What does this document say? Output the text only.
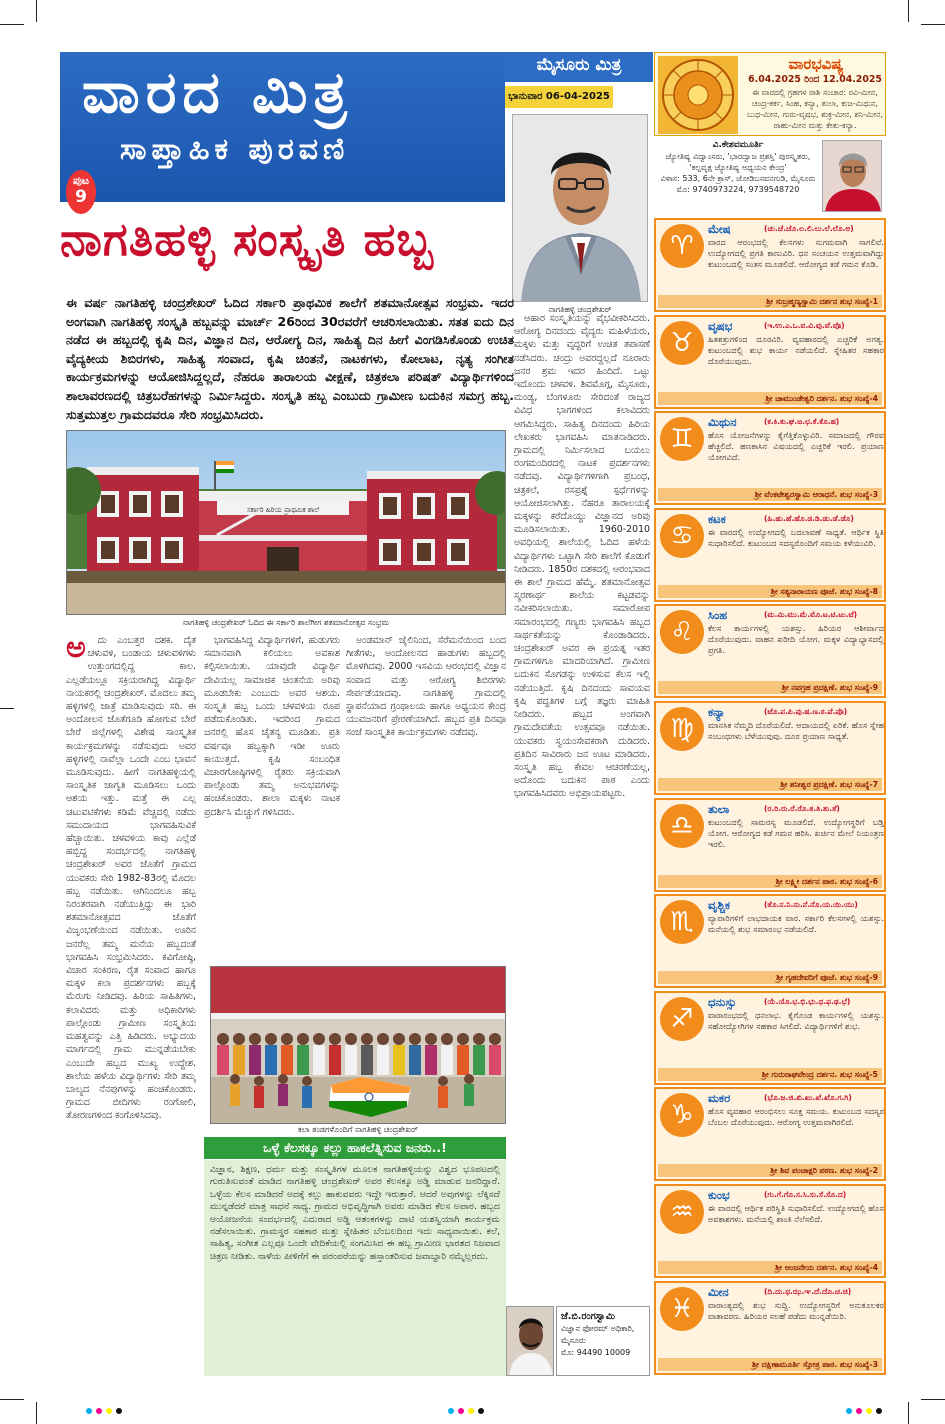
ವಾರದ ಮಿತ್ರ
ಸಾಪ್ತಾಹಿಕ ಪುರವಣಿ
ಪುಟ
9
ಮೈಸೂರು ಮಿತ್ರ
ಭಾನುವಾರ 06-04-2025
ನಾಗತಿಹಳ್ಳಿ ಚಂದ್ರಶೇಖರ್
ನಾಗತಿಹಳ್ಳಿ ಸಂಸ್ಕೃತಿ ಹಬ್ಬ
ಈ ವರ್ಷ ನಾಗತಿಹಳ್ಳಿ ಚಂದ್ರಶೇಖರ್ ಓದಿದ ಸರ್ಕಾರಿ ಪ್ರಾಥಮಿಕ ಶಾಲೆಗೆ ಶತಮಾನೋತ್ಸವ ಸಂಭ್ರಮ. ಇದರ ಅಂಗವಾಗಿ ನಾಗತಿಹಳ್ಳಿ ಸಂಸ್ಕೃತಿ ಹಬ್ಬವನ್ನು ಮಾರ್ಚ್ 26ರಿಂದ 30ರವರೆಗೆ ಆಚರಿಸಲಾಯಿತು. ಸತತ ಐದು ದಿನ ನಡೆದ ಈ ಹಬ್ಬದಲ್ಲಿ ಕೃಷಿ ದಿನ, ವಿಜ್ಞಾನ ದಿನ, ಆರೋಗ್ಯ ದಿನ, ಸಾಹಿತ್ಯ ದಿನ ಹೀಗೆ ವಿಂಗಡಿಸಿಕೊಂಡು ಉಚಿತ ವೈದ್ಯಕೀಯ ಶಿಬಿರಗಳು, ಸಾಹಿತ್ಯ ಸಂವಾದ, ಕೃಷಿ ಚಿಂತನೆ, ನಾಟಕಗಳು, ಕೋಲಾಟ, ನೃತ್ಯ ಸಂಗೀತ ಕಾರ್ಯಕ್ರಮಗಳನ್ನು ಆಯೋಜಿಸಿದ್ದಲ್ಲದೆ, ನೆಹರೂ ತಾರಾಲಯ ವೀಕ್ಷಣೆ, ಚಿತ್ರಕಲಾ ಪರಿಷತ್ ವಿದ್ಯಾರ್ಥಿಗಳಿಂದ ಶಾಲಾವರಣದಲ್ಲಿ ಚಿತ್ರಬರೆಹಗಳನ್ನು ನಿರ್ಮಿಸಿದ್ದರು. ಸಂಸ್ಕೃತಿ ಹಬ್ಬ ಎಂಬುದು ಗ್ರಾಮೀಣ ಬದುಕಿನ ಸಮಗ್ರ ಹಬ್ಬ. ಸುತ್ತಮುತ್ತಲ ಗ್ರಾಮದವರೂ ಸೇರಿ ಸಂಭ್ರಮಿಸಿದರು.
ಸರ್ಕಾರಿ ಹಿರಿಯ ಪ್ರಾಥಮಿಕ ಶಾಲೆ
ನಾಗತಿಹಳ್ಳಿ ಚಂದ್ರಶೇಖರ್ ಓದಿದ ಈ ಸರ್ಕಾರಿ ಶಾಲೆಗೀಗ ಶತಮಾನೋತ್ಸವ ಸಂಭ್ರಮ

ಅ ದು ಎಂಬತ್ತರ ದಶಕ. ದೈತ ಚಳುವಳಿ, ಬಂಡಾಯ ಚಳುವಳಿಗಳು ಉತ್ತುಂಗದಲ್ಲಿದ್ದ ಕಾಲ. ಎಲ್ಲಡೆಯಲ್ಲೂ ಸಕ್ರಿಯರಾಗಿದ್ದ ವಿದ್ಯಾರ್ಥಿ ನಾಯಕರಲ್ಲಿ ಚಂದ್ರಶೇಖರ್. ಮೊದಲು ತಮ್ಮ ಹಳ್ಳಿಗಳಲ್ಲಿ ಜಾತ್ರೆ ಮಾಡಿಸುವುದು ಸರಿ. ಈ ಅಂದೋಲನ ಜೊತೆಗೂಡಿ ಹೋಗುವ ಬೇರೆ ಬೇರೆ ಜಿಲ್ಲೆಗಳಲ್ಲಿ ವಿಶೇಷ ಸಾಂಸ್ಕೃತಿಕ ಕಾರ್ಯಕ್ರಮಗಳನ್ನು ನಡೆಸುವುದು ಅವರ ಹಳ್ಳಿಗಳಲ್ಲಿ ನಾವೆಲ್ಲಾ ಒಂದೇ ಎಂಬ ಭಾವನೆ ಮೂಡಿಸುವುದು. ಹೀಗೆ ನಾಗತಿಹಳ್ಳಿಯಲ್ಲಿ ಸಾಂಸ್ಕೃತಿಕ ಜಾಗೃತಿ ಮೂಡಿಸಲು ಒಂದು ಆಶಯ ಇತ್ತು. ಮತ್ತೆ ಈ ಎಲ್ಲ ಚಟುವಟಿಕೆಗಳು ಕಡಿಮೆ ವೆಚ್ಚದಲ್ಲಿ ನಡೆದು ಸಮುದಾಯದ ಭಾಗವಹಿಸುವಿಕೆ ಹೆಚ್ಚಾಯಿತು. ಚಳವಳಿಯ ಕಾವು ಎಲ್ಲೆಡೆ ಹಬ್ಬಿದ್ದ ಸಂದರ್ಭದಲ್ಲಿ ನಾಗತಿಹಳ್ಳಿ ಚಂದ್ರಶೇಖರ್ ಅವರ ಜೊತೆಗೆ ಗ್ರಾಮದ ಯುವಕರು ಸೇರಿ 1982-83ರಲ್ಲಿ ಮೊದಲ ಹಬ್ಬ ನಡೆಯಿತು. ಆಗಿನಿಂದಲೂ ಹಬ್ಬ ನಿರಂತರವಾಗಿ ನಡೆಯುತ್ತಿದ್ದು ಈ ಭಾರಿ ಶತಮಾನೋತ್ಸವದ ಜೊತೆಗೆ ವಿಜೃಂಭಣೆಯಿಂದ ನಡೆಯಿತು. ಊರಿನ ಜನರೆಲ್ಲ ತಮ್ಮ ಮನೆಯ ಹಬ್ಬದಂತೆ ಭಾಗವಹಿಸಿ ಸಂಭ್ರಮಿಸಿದರು. ಕವಿಗೋಷ್ಠಿ, ವಿಚಾರ ಸಂಕಿರಣ, ರೈತ ಸಂವಾದ ಹಾಗೂ ಮಕ್ಕಳ ಕಲಾ ಪ್ರದರ್ಶನಗಳು ಹಬ್ಬಕ್ಕೆ ಮೆರುಗು ನೀಡಿದವು. ಹಿರಿಯ ಸಾಹಿತಿಗಳು, ಕಲಾವಿದರು ಮತ್ತು ಅಧಿಕಾರಿಗಳು ಪಾಲ್ಗೊಂಡು ಗ್ರಾಮೀಣ ಸಂಸ್ಕೃತಿಯ ಮಹತ್ವವನ್ನು ಎತ್ತಿ ಹಿಡಿದರು. ಅಭ್ಯುದಯ ಮಾರ್ಗದಲ್ಲಿ ಗ್ರಾಮ ಮುನ್ನಡೆಯಬೇಕು ಎಂಬುದೇ ಹಬ್ಬದ ಮುಖ್ಯ ಉದ್ದೇಶ. ಶಾಲೆಯ ಹಳೆಯ ವಿದ್ಯಾರ್ಥಿಗಳು ಸೇರಿ ತಮ್ಮ ಬಾಲ್ಯದ ನೆನಪುಗಳನ್ನು ಹಂಚಿಕೊಂಡರು. ಗ್ರಾಮದ ಬೀದಿಗಳು ರಂಗೋಲಿ, ತೋರಣಗಳಿಂದ ಕಂಗೊಳಿಸಿದವು.

ಭಾಗವಹಿಸಿದ್ದ ವಿದ್ಯಾರ್ಥಿಗಳಿಗೆ, ಹುಡುಗರು ಸಮಾನವಾಗಿ ಕಲಿಯಲು ಅವಕಾಶ ಕಲ್ಪಿಸಲಾಯಿತು. ಯಾವುದೇ ವಿದ್ಯಾರ್ಥಿ ದೇವಿಯಲ್ಲ ಸಾಮಾಜಿಕ ಚಿಂತನೆಯ ಅರಿವು ಮೂಡಬೇಕು ಎಂಬುದು ಅವರ ಆಶಯ. ಸಂಸ್ಕೃತಿ ಹಬ್ಬ ಒಂದು ಚಳವಳಿಯ ರೂಪ ಪಡೆದುಕೊಂಡಿತು. ಇದರಿಂದ ಗ್ರಾಮದ ಜನರಲ್ಲಿ ಹೊಸ ಚೈತನ್ಯ ಮೂಡಿತು. ಪ್ರತಿ ವರ್ಷವೂ ಹಬ್ಬಕ್ಕಾಗಿ ಇಡೀ ಊರು ಕಾಯುತ್ತದೆ. ಕೃಷಿ ಸಂಬಂಧಿತ ವಿಚಾರಗೋಷ್ಠಿಗಳಲ್ಲಿ ರೈತರು ಸಕ್ರಿಯವಾಗಿ ಪಾಲ್ಗೊಂಡು ತಮ್ಮ ಅನುಭವಗಳನ್ನು ಹಂಚಿಕೊಂಡರು. ಶಾಲಾ ಮಕ್ಕಳು ನಾಟಕ ಪ್ರದರ್ಶಿಸಿ ಮೆಚ್ಚುಗೆ ಗಳಿಸಿದರು.

ಅಂಡಮಾನ್ ಜೈಲಿನಿಂದ, ಸೆರೆಮನೆಯಿಂದ ಬಂದ ಗೀತೆಗಳು, ಅಂದೋಲನದ ಹಾಡುಗಳು ಹಬ್ಬದಲ್ಲಿ ಮೊಳಗಿದವು. 2000 ಇಸವಿಯ ಆರಂಭದಲ್ಲಿ ವಿಜ್ಞಾನ ಸಂವಾದ ಮತ್ತು ಆರೋಗ್ಯ ಶಿಬಿರಗಳು ಸೇರ್ಪಡೆಯಾದವು. ನಾಗತಿಹಳ್ಳಿ ಗ್ರಾಮದಲ್ಲಿ ಸ್ಥಾಪನೆಯಾದ ಗ್ರಂಥಾಲಯ ಹಾಗೂ ಅಧ್ಯಯನ ಕೇಂದ್ರ ಯುವಜನರಿಗೆ ಪ್ರೇರಣೆಯಾಗಿದೆ. ಹಬ್ಬದ ಪ್ರತಿ ದಿನವೂ ಸಂಜೆ ಸಾಂಸ್ಕೃತಿಕ ಕಾರ್ಯಕ್ರಮಗಳು ನಡೆದವು.

ಆಹಾರ ಸಂಸ್ಕೃತಿಯನ್ನು ವೈಭವೀಕರಿಸಿದರು. ಆರೋಗ್ಯ ದಿನದಂದು ವೈದ್ಯರು ಮಹಿಳೆಯರು, ಮಕ್ಕಳು ಮತ್ತು ವೃದ್ಧರಿಗೆ ಉಚಿತ ತಪಾಸಣೆ ನಡೆಸಿದರು. ಚಂದ್ರು ಅವರದ್ದಲ್ಲದೆ ನೂರಾರು ಜನರ ಶ್ರಮ ಇದರ ಹಿಂದಿದೆ. ಒಟ್ಟು ಇದೊಂದು ಚಳವಳಿ. ಶಿವಮೊಗ್ಗ, ಮೈಸೂರು, ಮಂಡ್ಯ, ಬೆಂಗಳೂರು ಸೇರಿದಂತೆ ರಾಜ್ಯದ ವಿವಿಧ ಭಾಗಗಳಿಂದ ಕಲಾವಿದರು ಆಗಮಿಸಿದ್ದರು. ಸಾಹಿತ್ಯ ದಿನದಂದು ಹಿರಿಯ ಲೇಖಕರು ಭಾಗವಹಿಸಿ ಮಾತನಾಡಿದರು. ಗ್ರಾಮದಲ್ಲಿ ನಿರ್ಮಿಸಲಾದ ಬಯಲು ರಂಗಮಂದಿರದಲ್ಲಿ ನಾಟಕ ಪ್ರದರ್ಶನಗಳು ನಡೆದವು. ವಿದ್ಯಾರ್ಥಿಗಳಿಗಾಗಿ ಪ್ರಬಂಧ, ಚಿತ್ರಕಲೆ, ರಸಪ್ರಶ್ನೆ ಸ್ಪರ್ಧೆಗಳನ್ನು ಆಯೋಜಿಸಲಾಗಿತ್ತು. ನೆಹರೂ ತಾರಾಲಯಕ್ಕೆ ಮಕ್ಕಳನ್ನು ಕರೆದೊಯ್ದು ವಿಜ್ಞಾನದ ಅರಿವು ಮೂಡಿಸಲಾಯಿತು. 1960-2010 ಅವಧಿಯಲ್ಲಿ ಶಾಲೆಯಲ್ಲಿ ಓದಿದ ಹಳೆಯ ವಿದ್ಯಾರ್ಥಿಗಳು ಒಟ್ಟಾಗಿ ಸೇರಿ ಶಾಲೆಗೆ ಕೊಡುಗೆ ನೀಡಿದರು. 1850ರ ದಶಕದಲ್ಲಿ ಆರಂಭವಾದ ಈ ಶಾಲೆ ಗ್ರಾಮದ ಹೆಮ್ಮೆ. ಶತಮಾನೋತ್ಸವ ಸ್ಮರಣಾರ್ಥ ಶಾಲೆಯ ಕಟ್ಟಡವನ್ನು ನವೀಕರಿಸಲಾಯಿತು. ಸಮಾರೋಪ ಸಮಾರಂಭದಲ್ಲಿ ಗಣ್ಯರು ಭಾಗವಹಿಸಿ ಹಬ್ಬದ ಸಾರ್ಥಕತೆಯನ್ನು ಕೊಂಡಾಡಿದರು. ಚಂದ್ರಶೇಖರ್ ಅವರ ಈ ಪ್ರಯತ್ನ ಇತರ ಗ್ರಾಮಗಳಿಗೂ ಮಾದರಿಯಾಗಿದೆ. ಗ್ರಾಮೀಣ ಬದುಕಿನ ಸೊಗಡನ್ನು ಉಳಿಸುವ ಕೆಲಸ ಇಲ್ಲಿ ನಡೆಯುತ್ತಿದೆ. ಕೃಷಿ ದಿನದಂದು ಸಾವಯವ ಕೃಷಿ ಪದ್ಧತಿಗಳ ಬಗ್ಗೆ ತಜ್ಞರು ಮಾಹಿತಿ ನೀಡಿದರು. ಹಬ್ಬದ ಅಂಗವಾಗಿ ಗ್ರಾಮದೇವತೆಯ ಉತ್ಸವವೂ ನಡೆಯಿತು. ಯುವಕರು ಸ್ವಯಂಸೇವಕರಾಗಿ ದುಡಿದರು. ಪ್ರತಿದಿನ ಸಾವಿರಾರು ಜನ ಊಟ ಮಾಡಿದರು. ಸಂಸ್ಕೃತಿ ಹಬ್ಬ ಕೇವಲ ಆಚರಣೆಯಲ್ಲ, ಅದೊಂದು ಬದುಕಿನ ಪಾಠ ಎಂದು ಭಾಗವಹಿಸಿದವರು ಅಭಿಪ್ರಾಯಪಟ್ಟರು.

ಕಲಾ ತಂಡಗಳೊಂದಿಗೆ ನಾಗತಿಹಳ್ಳಿ ಚಂದ್ರಶೇಖರ್
ಒಳ್ಳೆ ಕೆಲಸಕ್ಕೂ ಕಲ್ಲು ಹಾಕಲೆತ್ನಿಸುವ ಜನರು..!
ವಿಜ್ಞಾನ, ಶಿಕ್ಷಣ, ಧರ್ಮ ಮತ್ತು ಸಂಸ್ಕೃತಿಗಳ ಮೂಲಕ ನಾಗತಿಹಳ್ಳಿಯನ್ನು ವಿಶ್ವದ ಭೂಪಟದಲ್ಲಿ ಗುರುತಿಸುವಂತೆ ಮಾಡಿದ ನಾಗತಿಹಳ್ಳಿ ಚಂದ್ರಶೇಖರ್ ಅವರ ಕೆಲಸಕ್ಕೂ ಅಡ್ಡಿ ಮಾಡುವ ಜನರಿದ್ದಾರೆ. ಒಳ್ಳೆಯ ಕೆಲಸ ಮಾಡಿದರೆ ಅದಕ್ಕೆ ಕಲ್ಲು ಹಾಕುವವರು ಇದ್ದೇ ಇರುತ್ತಾರೆ. ಆದರೆ ಅವುಗಳನ್ನು ಲೆಕ್ಕಿಸದೆ ಮುನ್ನಡೆದರೆ ಮಾತ್ರ ಸಾಧನೆ ಸಾಧ್ಯ. ಗ್ರಾಮದ ಅಭಿವೃದ್ಧಿಗಾಗಿ ಅವರು ಮಾಡಿದ ಕೆಲಸ ಅಪಾರ. ಹಬ್ಬದ ಆಯೋಜನೆಯ ಸಂದರ್ಭದಲ್ಲಿ ಎದುರಾದ ಅಡ್ಡಿ ಆತಂಕಗಳನ್ನು ದಾಟಿ ಯಶಸ್ವಿಯಾಗಿ ಕಾರ್ಯಕ್ರಮ ನಡೆಸಲಾಯಿತು. ಗ್ರಾಮಸ್ಥರ ಸಹಕಾರ ಮತ್ತು ಸ್ನೇಹಿತರ ಬೆಂಬಲದಿಂದ ಇದು ಸಾಧ್ಯವಾಯಿತು. ಕಲೆ, ಸಾಹಿತ್ಯ, ಸಂಗೀತ ಎಲ್ಲವೂ ಒಂದೇ ವೇದಿಕೆಯಲ್ಲಿ ಸಂಗಮಿಸಿದ ಈ ಹಬ್ಬ ಗ್ರಾಮೀಣ ಭಾರತದ ನಿಜವಾದ ಚಿತ್ರಣ ನೀಡಿತು. ನಾಳೆಯ ಪೀಳಿಗೆಗೆ ಈ ಪರಂಪರೆಯನ್ನು ಹಸ್ತಾಂತರಿಸುವ ಜವಾಬ್ದಾರಿ ನಮ್ಮೆಲ್ಲರದು.
ಜೆ.ಬಿ.ರಂಗಸ್ವಾಮಿ
ವಿಜ್ಞಾನ ಫೋರಮ್ ಅಧಿಕಾರಿ, ಮೈಸೂರು
ಮೊ: 94490 10009
ವಾರಭವಿಷ್ಯ
6.04.2025 ರಿಂದ 12.04.2025
ಈ ವಾರದಲ್ಲಿ ಗ್ರಹಗಳ ರಾಶಿ ಸಂಚಾರ: ರವಿ-ಮೀನ, ಚಂದ್ರ-ಕರ್ಕ, ಸಿಂಹ, ಕನ್ಯಾ, ತುಲಾ, ಕುಜ-ಮಿಥುನ, ಬುಧ-ಮೀನ, ಗುರು-ವೃಷಭ, ಶುಕ್ರ-ಮೀನ, ಶನಿ-ಮೀನ, ರಾಹು-ಮೀನ ಮತ್ತು ಕೇತು-ಕನ್ಯಾ.
ವಿ.ಕೇಶವಮೂರ್ತಿ
ಜ್ಯೋತಿಷ್ಯ ವಿದ್ವಾಂಸರು, 'ಭಾರದ್ವಾಜ ಪ್ರಶಸ್ತಿ' ಪುರಸ್ಕೃತರು, 'ಕಲ್ಪವೃಕ್ಷ ಜ್ಯೋತಿಷ್ಯ ಅಧ್ಯಯನ ಕೇಂದ್ರ'
ವಿಳಾಸ: 533, 6ನೇ ಕ್ರಾಸ್, ಜೋಡಿಬಸವನಗುಡಿ, ಮೈಸೂರು
ಮೊ: 9740973224, 9739548720
♈
ಮೇಷ	(ಚು.ಚೆ.ಚೊ.ಲ.ಲಿ.ಲು.ಲೆ.ಲೊ.ಅ)
ವಾರದ ಆರಂಭದಲ್ಲಿ ಕೆಲಸಗಳು ಸುಗಮವಾಗಿ ಸಾಗಲಿವೆ. ಉದ್ಯೋಗದಲ್ಲಿ ಪ್ರಗತಿ ಕಾಣುವಿರಿ. ಧನ ಸಂಚಯನ ಉತ್ತಮವಾಗಿದ್ದು ಕುಟುಂಬದಲ್ಲಿ ಸಂತಸ ಮೂಡಲಿದೆ. ಆರೋಗ್ಯದ ಕಡೆ ಗಮನ ಕೊಡಿ.
ಶ್ರೀ ಸುಬ್ರಹ್ಮಣ್ಯಸ್ವಾಮಿ ದರ್ಶನ ಶುಭ ಸಂಖ್ಯೆ-1
♉
ವೃಷಭ	(ಇ.ಉ.ಎ.ಒ.ವ.ವಿ.ವು.ವೆ.ವೊ)
ಹಿತಶತ್ರುಗಳಿಂದ ದೂರವಿರಿ. ವ್ಯವಹಾರದಲ್ಲಿ ಎಚ್ಚರಿಕೆ ಅಗತ್ಯ. ಕುಟುಂಬದಲ್ಲಿ ಶುಭ ಕಾರ್ಯ ನಡೆಯಲಿದೆ. ಸ್ನೇಹಿತರ ಸಹಕಾರ ದೊರೆಯುವುದು.
ಶ್ರೀ ಚಾಮುಂಡೇಶ್ವರಿ ದರ್ಶನ. ಶುಭ ಸಂಖ್ಯೆ-4
♊
ಮಿಥುನ	(ಕ.ಕಿ.ಕು.ಘ.ಙ.ಛ.ಕೆ.ಕೊ.ಹ)
ಹೊಸ ಯೋಜನೆಗಳನ್ನು ಕೈಗೆತ್ತಿಕೊಳ್ಳುವಿರಿ. ಸಮಾಜದಲ್ಲಿ ಗೌರವ ಹೆಚ್ಚಲಿದೆ. ಹಣಕಾಸಿನ ವಿಷಯದಲ್ಲಿ ಎಚ್ಚರಿಕೆ ಇರಲಿ. ಪ್ರಯಾಣ ಯೋಗವಿದೆ.
ಶ್ರೀ ವೆಂಕಟೇಶ್ವರಸ್ವಾಮಿ ಆರಾಧನೆ. ಶುಭ ಸಂಖ್ಯೆ-3
♋
ಕಟಕ	(ಹಿ.ಹು.ಹೆ.ಹೊ.ಡ.ಡಿ.ಡು.ಡೆ.ಡೊ)
ಈ ವಾರದಲ್ಲಿ ಉದ್ಯೋಗದಲ್ಲಿ ಬದಲಾವಣೆ ಸಾಧ್ಯತೆ. ಆರ್ಥಿಕ ಸ್ಥಿತಿ ಸುಧಾರಿಸಲಿದೆ. ಕುಟುಂಬದ ಸದಸ್ಯರೊಂದಿಗೆ ಸಮಯ ಕಳೆಯುವಿರಿ.
ಶ್ರೀ ಸತ್ಯನಾರಾಯಣ ಪೂಜೆ. ಶುಭ ಸಂಖ್ಯೆ-8
♌
ಸಿಂಹ	(ಮ.ಮಿ.ಮು.ಮೆ.ಮೊ.ಟ.ಟಿ.ಟು.ಟೆ)
ಕೆಲಸ ಕಾರ್ಯಗಳಲ್ಲಿ ಯಶಸ್ಸು. ಹಿರಿಯರ ಆಶೀರ್ವಾದ ದೊರೆಯುವುದು. ವಾಹನ ಖರೀದಿ ಯೋಗ. ಮಕ್ಕಳ ವಿದ್ಯಾಭ್ಯಾಸದಲ್ಲಿ ಪ್ರಗತಿ.
ಶ್ರೀ ನವಗ್ರಹ ಪ್ರದಕ್ಷಿಣೆ. ಶುಭ ಸಂಖ್ಯೆ-9
♍
ಕನ್ಯಾ	(ಟೊ.ಪ.ಪಿ.ಪು.ಷ.ಣ.ಠ.ಪೆ.ಪೊ)
ಮಾನಸಿಕ ನೆಮ್ಮದಿ ದೊರೆಯಲಿದೆ. ಆದಾಯದಲ್ಲಿ ಏರಿಕೆ. ಹೊಸ ಸ್ನೇಹ ಸಂಬಂಧಗಳು ಬೆಳೆಯುವುವು. ದೂರ ಪ್ರಯಾಣ ಸಾಧ್ಯತೆ.
ಶ್ರೀ ಶನೀಶ್ವರ ಪ್ರದಕ್ಷಿಣೆ. ಶುಭ ಸಂಖ್ಯೆ-7
♎
ತುಲಾ	(ರ.ರಿ.ರು.ರೆ.ರೊ.ತ.ತಿ.ತು.ತೆ)
ಕುಟುಂಬದಲ್ಲಿ ಸಾಮರಸ್ಯ ಮೂಡಲಿದೆ. ಉದ್ಯೋಗಸ್ಥರಿಗೆ ಬಡ್ತಿ ಯೋಗ. ಆರೋಗ್ಯದ ಕಡೆ ಗಮನ ಹರಿಸಿ. ಖರ್ಚಿನ ಮೇಲೆ ನಿಯಂತ್ರಣ ಇರಲಿ.
ಶ್ರೀ ಲಕ್ಷ್ಮೀ ದರ್ಶನ ಪಾಠ. ಶುಭ ಸಂಖ್ಯೆ-6
♏
ವೃಶ್ಚಿಕ	(ತೊ.ನ.ನಿ.ನು.ನೆ.ನೊ.ಯ.ಯಿ.ಯು)
ವ್ಯಾಪಾರಿಗಳಿಗೆ ಲಾಭದಾಯಕ ವಾರ. ಸರ್ಕಾರಿ ಕೆಲಸಗಳಲ್ಲಿ ಯಶಸ್ಸು. ಮನೆಯಲ್ಲಿ ಶುಭ ಸಮಾರಂಭ ನಡೆಯಲಿದೆ.
ಶ್ರೀ ಗೃಹದೇವರಿಗೆ ಪೂಜೆ. ಶುಭ ಸಂಖ್ಯೆ-9
♐
ಧನುಸ್ಸು	(ಯೆ.ಯೊ.ಭ.ಭಿ.ಭು.ಧ.ಫ.ಢ.ಭೆ)
ವಾರಾರಂಭದಲ್ಲಿ ಧನಲಾಭ. ಕೈಗೊಂಡ ಕಾರ್ಯಗಳಲ್ಲಿ ಯಶಸ್ಸು. ಸಹೋದ್ಯೋಗಿಗಳ ಸಹಕಾರ ಸಿಗಲಿದೆ. ವಿದ್ಯಾರ್ಥಿಗಳಿಗೆ ಶುಭ.
ಶ್ರೀ ಗುರುರಾಘವೇಂದ್ರ ದರ್ಶನ. ಶುಭ ಸಂಖ್ಯೆ-5
♑
ಮಕರ	(ಭೊ.ಜ.ಜಿ.ಖಿ.ಖು.ಖೆ.ಖೊ.ಗ.ಗಿ)
ಹೊಸ ವ್ಯವಹಾರ ಆರಂಭಿಸಲು ಸೂಕ್ತ ಸಮಯ. ಕುಟುಂಬದ ಸದಸ್ಯರ ಬೆಂಬಲ ದೊರೆಯುವುದು. ಆರೋಗ್ಯ ಉತ್ತಮವಾಗಿರಲಿದೆ.
ಶ್ರೀ ಶಿವ ಪಂಚಾಕ್ಷರಿ ಪಠಣ. ಶುಭ ಸಂಖ್ಯೆ-2
♒
ಕುಂಭ	(ಗು.ಗೆ.ಗೊ.ಸ.ಸಿ.ಸು.ಸೆ.ಸೊ.ದ)
ಈ ವಾರದಲ್ಲಿ ಆರ್ಥಿಕ ಪರಿಸ್ಥಿತಿ ಸುಧಾರಿಸಲಿದೆ. ಉದ್ಯೋಗದಲ್ಲಿ ಹೊಸ ಅವಕಾಶಗಳು. ಮನೆಯಲ್ಲಿ ಶಾಂತಿ ನೆಲೆಸಲಿದೆ.
ಶ್ರೀ ಆಂಜನೇಯ ದರ್ಶನ. ಶುಭ ಸಂಖ್ಯೆ-4
♓
ಮೀನ	(ದಿ.ದು.ಥ.ಝ.ಞ.ದೆ.ದೊ.ಚ.ಚಿ)
ವಾರಾಂತ್ಯದಲ್ಲಿ ಶುಭ ಸುದ್ದಿ. ಉದ್ಯೋಗಸ್ಥರಿಗೆ ಅನುಕೂಲಕರ ವಾತಾವರಣ. ಹಿರಿಯರ ಸಲಹೆ ಪಡೆದು ಮುನ್ನಡೆಯಿರಿ.
ಶ್ರೀ ದಕ್ಷಿಣಾಮೂರ್ತಿ ಸ್ತೋತ್ರ ಪಾಠ. ಶುಭ ಸಂಖ್ಯೆ-3
